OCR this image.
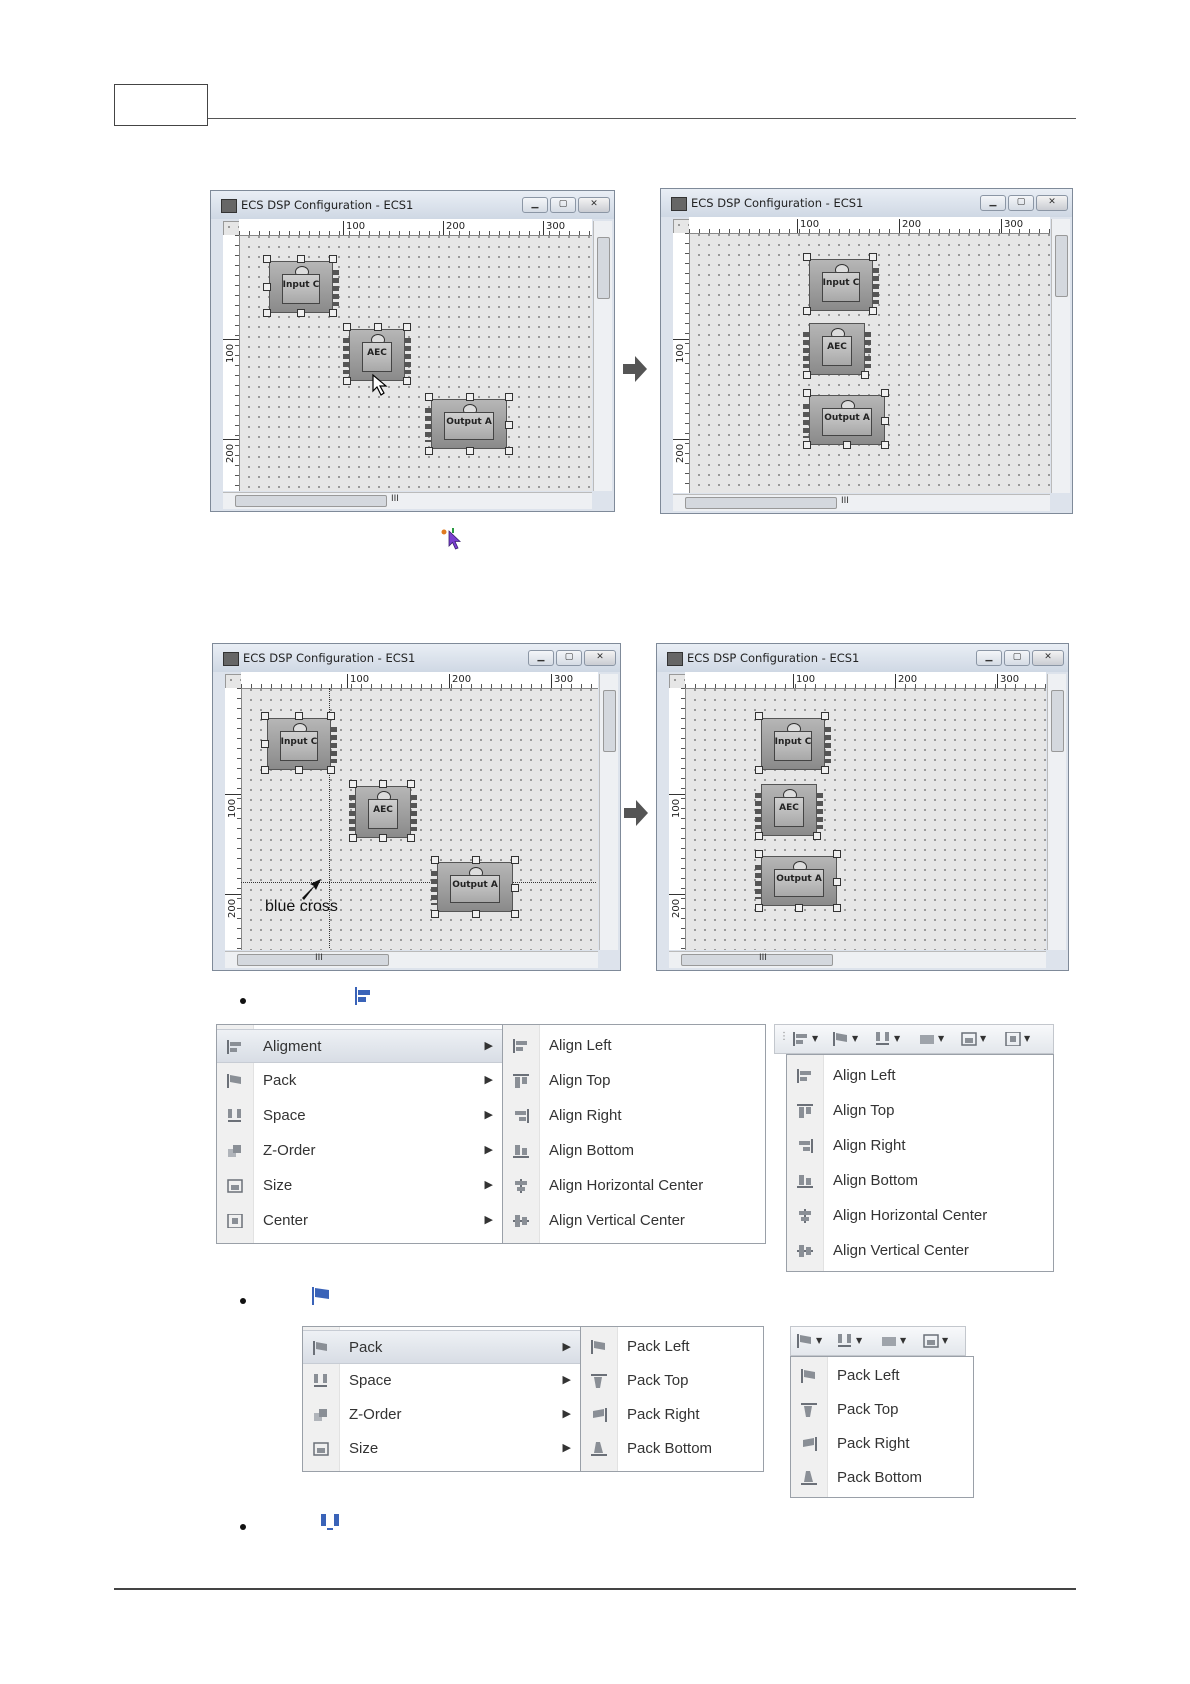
ECS DSP Configuration - ECS1	▁	▢	✕
100	200	300
100
200
III
Input C
AEC
Output A
ECS DSP Configuration - ECS1	▁	▢	✕
100	200	300
100
200
III
Input C
AEC
Output A
ECS DSP Configuration - ECS1	▁	▢	✕
100	200	300
100
200
III
Input C
AEC
Output A
blue cross
ECS DSP Configuration - ECS1	▁	▢	✕
100	200	300
100
200
III
Input C
AEC
Output A
Aligment	▶
Pack	▶
Space	▶
Z-Order	▶
Size	▶
Center	▶
Align Left
Align Top
Align Right
Align Bottom
Align Horizontal Center
Align Vertical Center
⋮	▼	▼	▼	▼	▼	▼
Align Left
Align Top
Align Right
Align Bottom
Align Horizontal Center
Align Vertical Center
Pack	▶
Space	▶
Z-Order	▶
Size	▶
Pack Left
Pack Top
Pack Right
Pack Bottom
▼	▼	▼	▼
Pack Left
Pack Top
Pack Right
Pack Bottom
